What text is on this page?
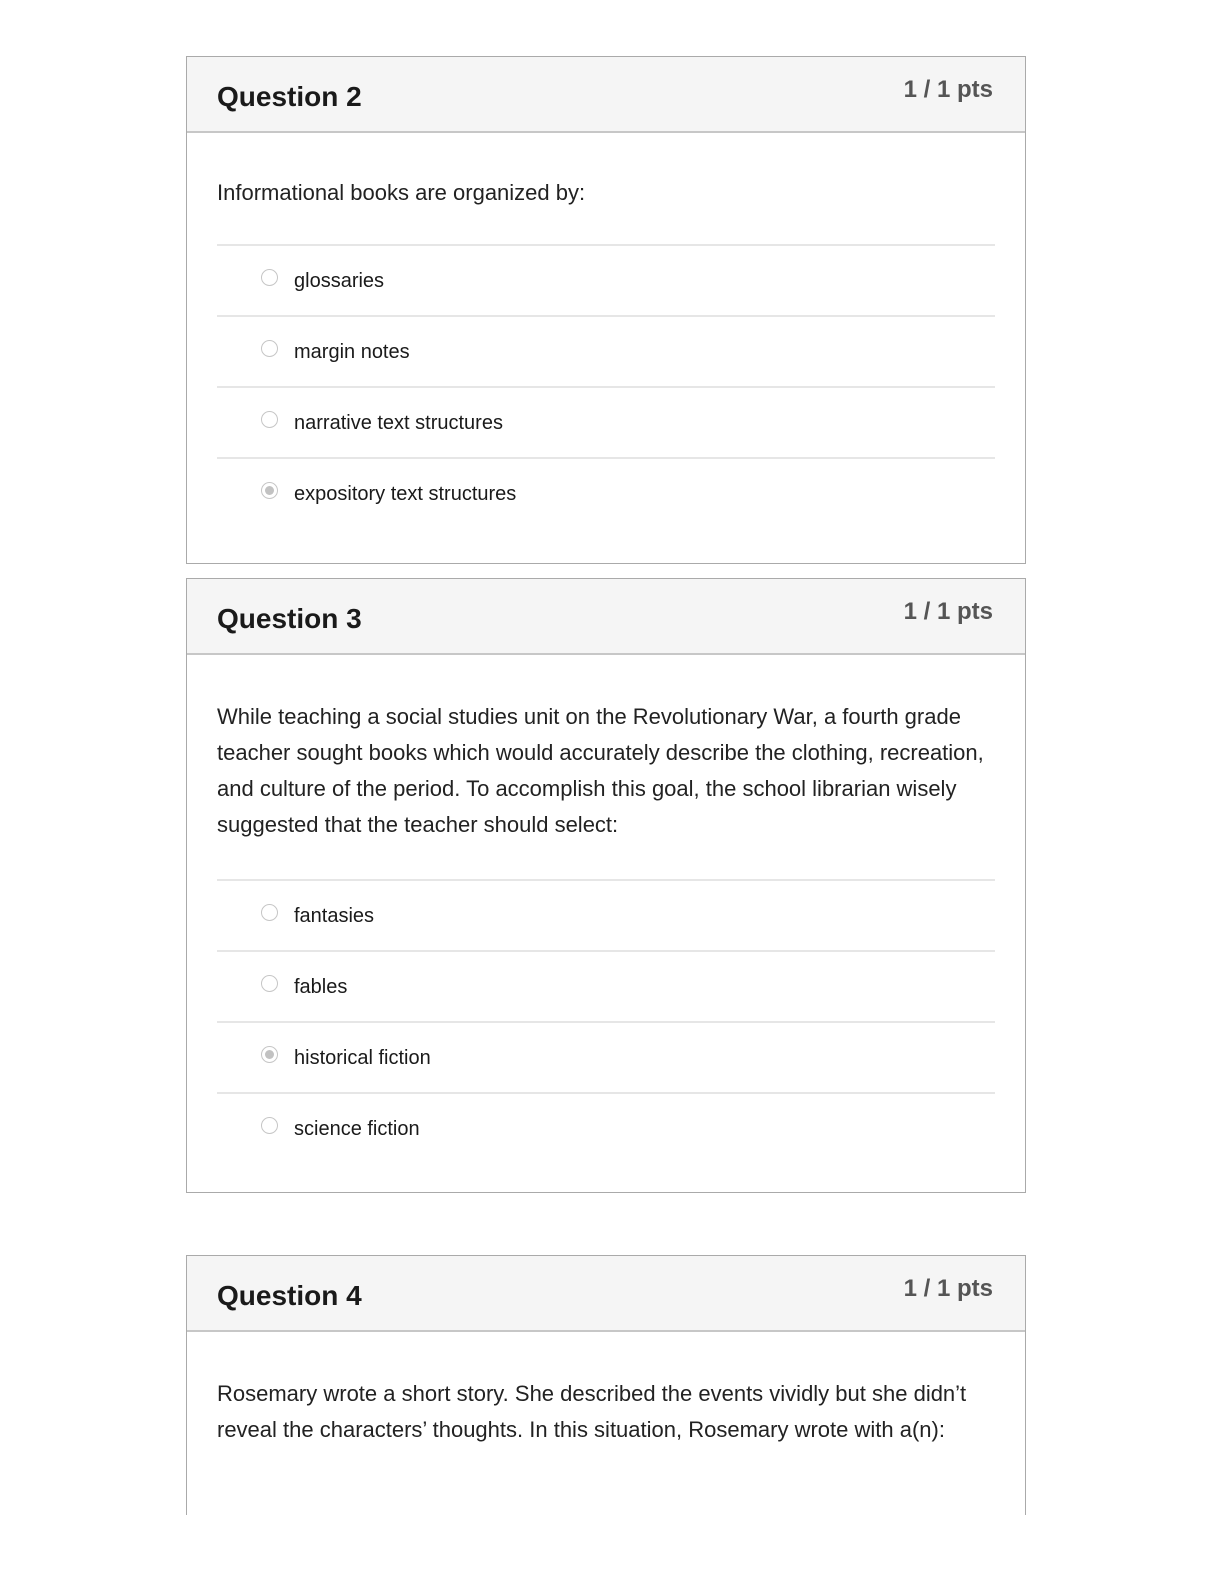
Question 2	1 / 1 pts

Informational books are organized by:

glossaries
margin notes
narrative text structures
expository text structures
Question 3	1 / 1 pts

While teaching a social studies unit on the Revolutionary War, a fourth grade teacher sought books which would accurately describe the clothing, recreation, and culture of the period. To accomplish this goal, the school librarian wisely suggested that the teacher should select:

fantasies
fables
historical fiction
science fiction
Question 4	1 / 1 pts

Rosemary wrote a short story. She described the events vividly but she didn’t reveal the characters’ thoughts. In this situation, Rosemary wrote with a(n):
